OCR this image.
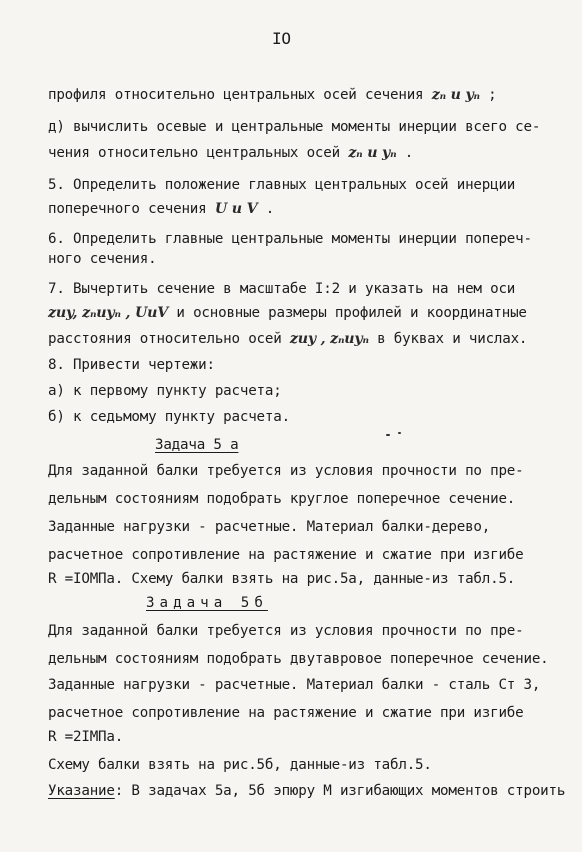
IO
профиля относительно центральных осей сечения zₙ и yₙ ;
д) вычислить осевые и центральные моменты инерции всего се-
чения относительно центральных осей zₙ и yₙ .
5. Определить положение главных центральных осей инерции
поперечного сечения U и V .
6. Определить главные центральные моменты инерции попереч-
ного сечения.
7. Вычертить сечение в масштабе I:2 и указать на нем оси
zuy, zₙuyₙ , UuV и основные размеры профилей и координатные
расстояния относительно осей zuy , zₙuyₙ в буквах и числах.
8. Привести чертежи:
а) к первому пункту расчета;
б) к седьмому пункту расчета.
Задача 5 а
Для заданной балки требуется из условия прочности по пре-
дельным состояниям подобрать круглое поперечное сечение.
Заданные нагрузки - расчетные. Материал балки-дерево,
расчетное сопротивление на растяжение и сжатие при изгибе
R =IOМПа. Схему балки взять на рис.5а, данные-из табл.5.
Задача 5б
Для заданной балки требуется из условия прочности по пре-
дельным состояниям подобрать двутавровое поперечное сечение.
Заданные нагрузки - расчетные. Материал балки - сталь Ст 3,
расчетное сопротивление на растяжение и сжатие при изгибе
R =2IМПа.
Схему балки взять на рис.5б, данные-из табл.5.
Указание: В задачах 5а, 5б эпюру М изгибающих моментов строить
